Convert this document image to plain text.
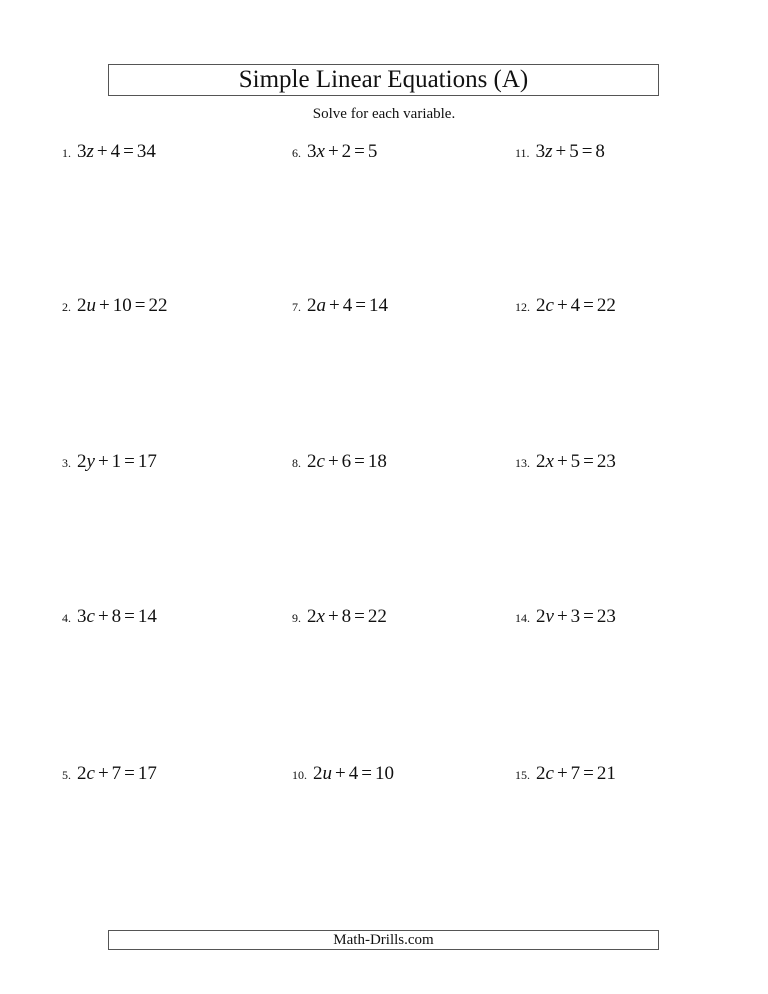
Simple Linear Equations (A)
Solve for each variable.
1. 3z + 4 = 34
2. 2u + 10 = 22
3. 2y + 1 = 17
4. 3c + 8 = 14
5. 2c + 7 = 17
6. 3x + 2 = 5
7. 2a + 4 = 14
8. 2c + 6 = 18
9. 2x + 8 = 22
10. 2u + 4 = 10
11. 3z + 5 = 8
12. 2c + 4 = 22
13. 2x + 5 = 23
14. 2v + 3 = 23
15. 2c + 7 = 21
Math-Drills.com
